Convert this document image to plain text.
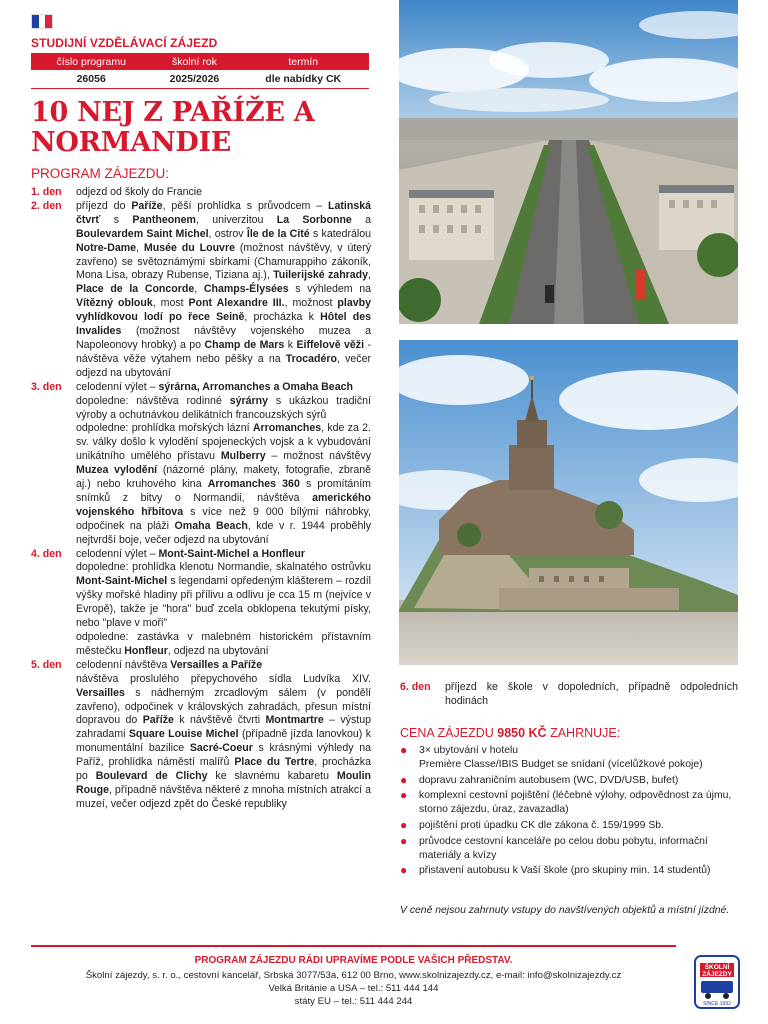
STUDIJNÍ VZDĚLÁVACÍ ZÁJEZD
číslo programu	školní rok	termín
26056	2025/2026	dle nabídky CK
10 NEJ Z PAŘÍŽE A
NORMANDIE
PROGRAM ZÁJEZDU:
1. den	odjezd od školy do Francie

2. den	příjezd do Paříže, pěší prohlídka s průvodcem – Latinská čtvrť s Pantheonem, univerzitou La Sorbonne a Boulevardem Saint Michel, ostrov Île de la Cité s katedrálou Notre-Dame, Musée du Louvre (možnost návštěvy, v úterý zavřeno) se světoznámými sbírkami (Chamurappiho zákoník, Mona Lisa, obrazy Rubense, Tiziana aj.), Tuilerijské zahrady, Place de la Concorde, Champs-Élysées s výhledem na Vítězný oblouk, most Pont Alexandre III., možnost plavby vyhlídkovou lodí po řece Seině, procházka k Hôtel des Invalides (možnost návštěvy vojenského muzea a Napoleonovy hrobky) a po Champ de Mars k Eiffelově věži - návštěva věže výtahem nebo pěšky a na Trocadéro, večer odjezd na ubytování

3. den	celodenní výlet – sýrárna, Arromanches a Omaha Beach

dopoledne: návštěva rodinné sýrárny s ukázkou tradiční výroby a ochutnávkou delikátních francouzských sýrů

odpoledne: prohlídka mořských lázní Arromanches, kde za 2. sv. války došlo k vylodění spojeneckých vojsk a k vybudování unikátního umělého přístavu Mulberry – možnost návštěvy Muzea vylodění (názorné plány, makety, fotografie, zbraně aj.) nebo kruhového kina Arromanches 360 s promítáním snímků z bitvy o Normandii, návštěva amerického vojenského hřbitova s více než 9 000 bílými náhrobky, odpočinek na pláži Omaha Beach, kde v r. 1944 proběhly nejtvrdší boje, večer odjezd na ubytování

4. den	celodenní výlet – Mont-Saint-Michel a Honfleur

dopoledne: prohlídka klenotu Normandie, skalnatého ostrůvku Mont-Saint-Michel s legendami opředeným klášterem – rozdíl výšky mořské hladiny při přílivu a odlivu je cca 15 m (nejvíce v Evropě), takže je "hora" buď zcela obklopena tekutými písky, nebo "plave v moři"

odpoledne: zastávka v malebném historickém přístavním městečku Honfleur, odjezd na ubytování

5. den	celodenní návštěva Versailles a Paříže

návštěva proslulého přepychového sídla Ludvíka XIV. Versailles s nádherným zrcadlovým sálem (v pondělí zavřeno), odpočinek v královských zahradách, přesun místní dopravou do Paříže k návštěvě čtvrti Montmartre – výstup zahradami Square Louise Michel (případně jízda lanovkou) k monumentální bazilice Sacré-Coeur s krásnými výhledy na Paříž, prohlídka náměstí malířů Place du Tertre, procházka po Boulevard de Clichy ke slavnému kabaretu Moulin Rouge, případně návštěva některé z mnoha místních atrakcí a muzeí, večer odjezd zpět do České republiky

6. den	příjezd ke škole v dopoledních, případně odpoledních hodinách
CENA ZÁJEZDU 9850 KČ ZAHRNUJE:
●	3× ubytování v hotelu
Première Classe/IBIS Budget se snídaní (vícelůžkové pokoje)
●	dopravu zahraničním autobusem (WC, DVD/USB, bufet)
●	komplexní cestovní pojištění (léčebné výlohy, odpovědnost za újmu, storno zájezdu, úraz, zavazadla)
●	pojištění proti úpadku CK dle zákona č. 159/1999 Sb.
●	průvodce cestovní kanceláře po celou dobu pobytu, informační materiály a kvízy
●	přistavení autobusu k Vaší škole (pro skupiny min. 14 studentů)
V ceně nejsou zahrnuty vstupy do navštívených objektů a místní jízdné.
PROGRAM ZÁJEZDU RÁDI UPRAVÍME PODLE VAŠICH PŘEDSTAV.
Školní zájezdy, s. r. o., cestovní kancelář, Srbská 3077/53a, 612 00 Brno, www.skolnizajezdy.cz, e-mail: info@skolnizajezdy.cz
Velká Británie a USA – tel.: 511 444 144
státy EU – tel.: 511 444 244
ŠKOLNÍ ZÁJEZDY
SINCE 1992
